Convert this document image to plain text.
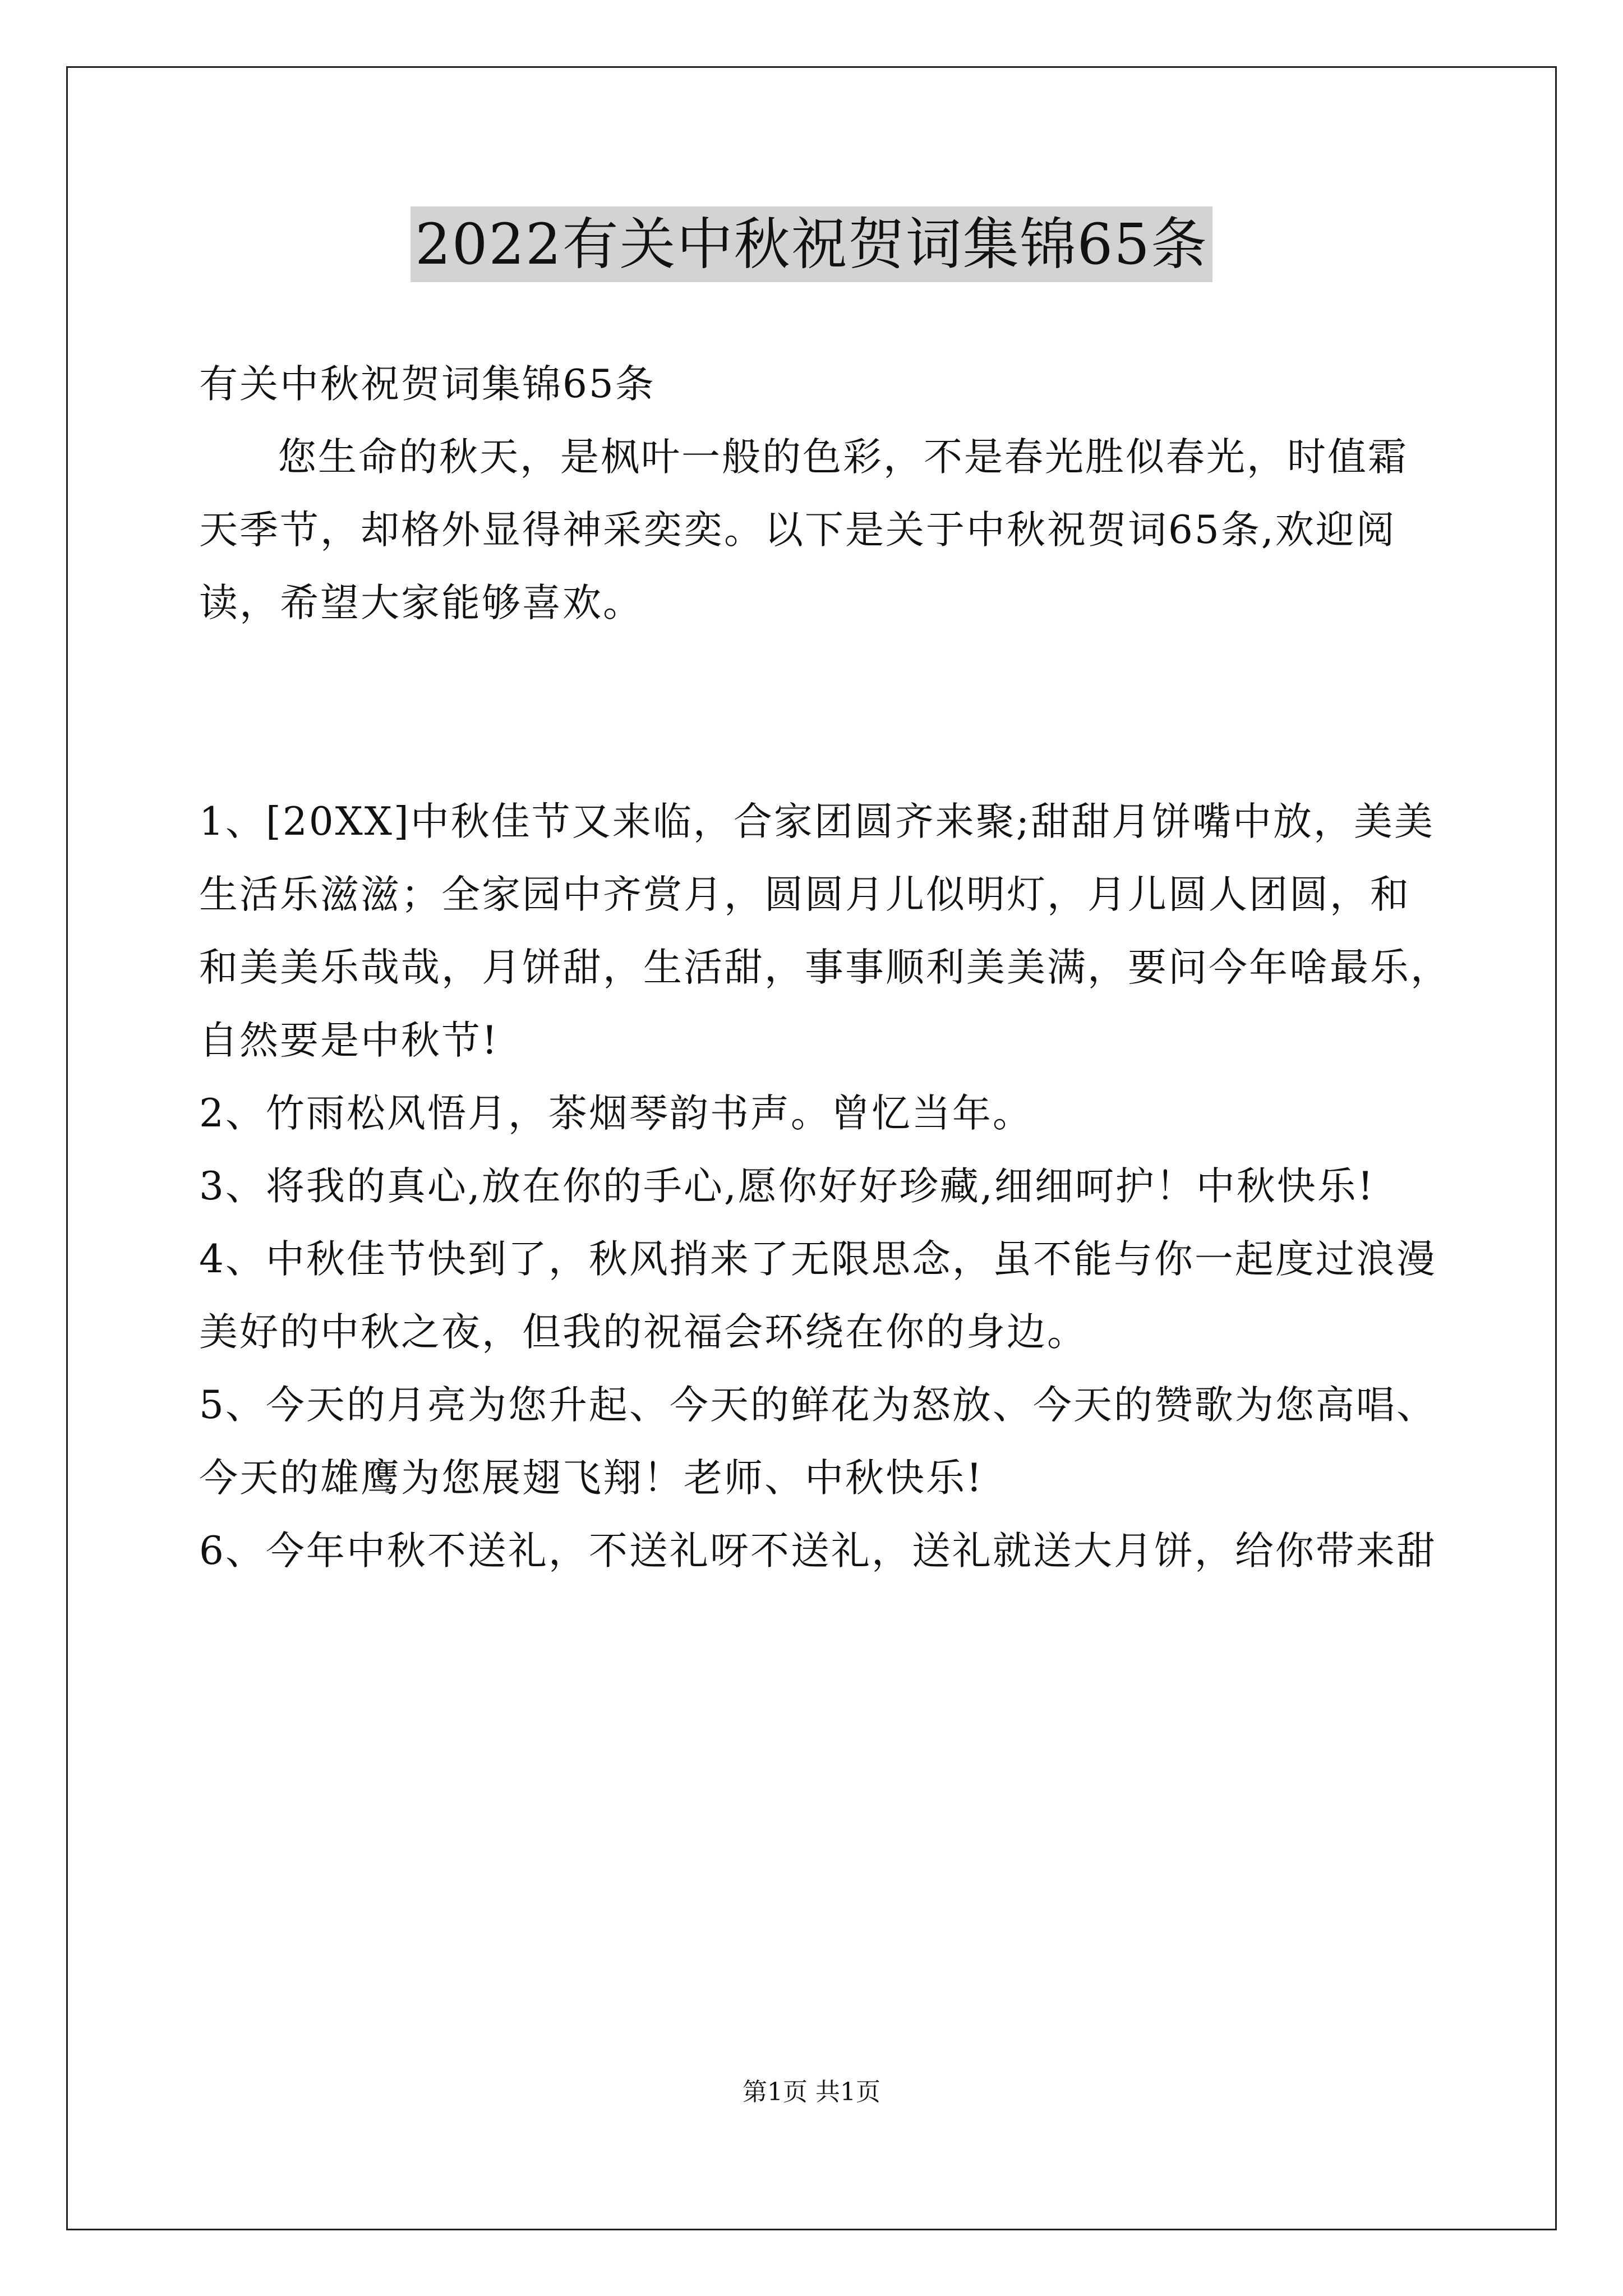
2022有关中秋祝贺词集锦65条
有关中秋祝贺词集锦65条
您生命的秋天，是枫叶一般的色彩，不是春光胜似春光，时值霜
天季节，却格外显得神采奕奕。以下是关于中秋祝贺词65条,欢迎阅
读，希望大家能够喜欢。
1、[20XX]中秋佳节又来临，合家团圆齐来聚;甜甜月饼嘴中放，美美
生活乐滋滋；全家园中齐赏月，圆圆月儿似明灯，月儿圆人团圆，和
和美美乐哉哉，月饼甜，生活甜，事事顺利美美满，要问今年啥最乐，
自然要是中秋节!
2、竹雨松风悟月，茶烟琴韵书声。曾忆当年。
3、将我的真心,放在你的手心,愿你好好珍藏,细细呵护！中秋快乐!
4、中秋佳节快到了，秋风捎来了无限思念，虽不能与你一起度过浪漫
美好的中秋之夜，但我的祝福会环绕在你的身边。
5、今天的月亮为您升起、今天的鲜花为怒放、今天的赞歌为您高唱、
今天的雄鹰为您展翅飞翔！老师、中秋快乐!
6、今年中秋不送礼，不送礼呀不送礼，送礼就送大月饼，给你带来甜
第1页 共1页
